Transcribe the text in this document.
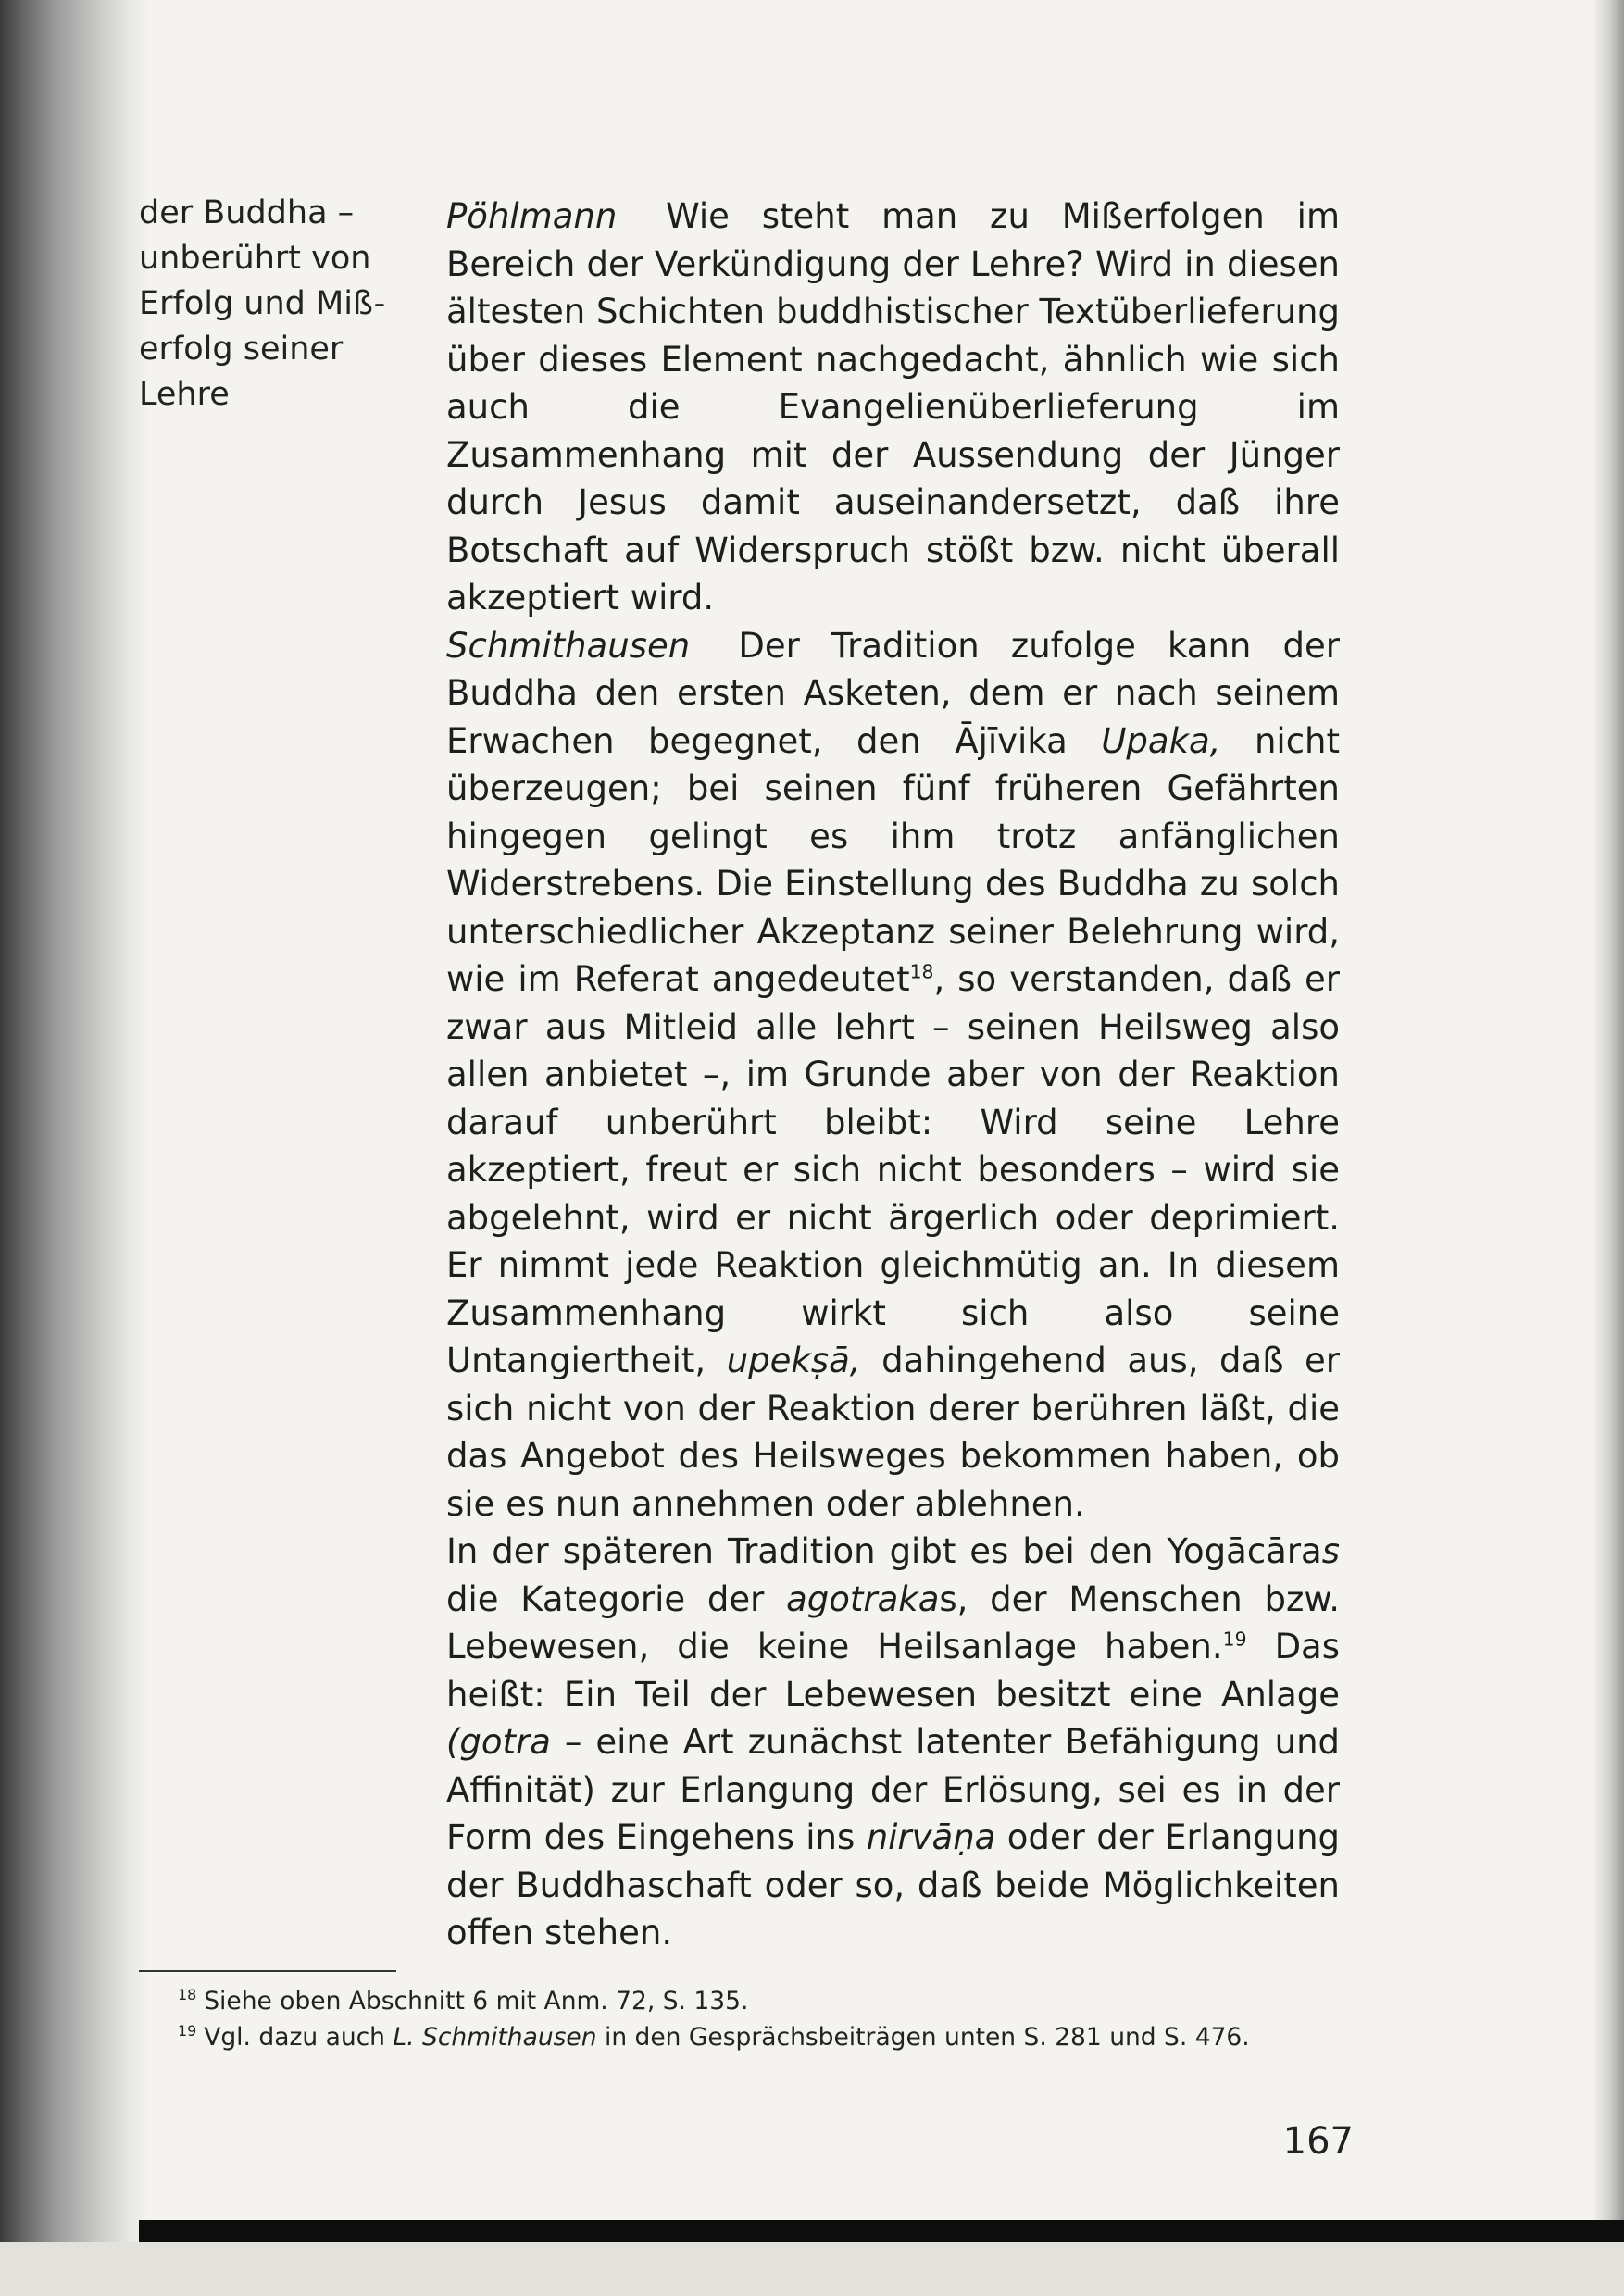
der Buddha –
unberührt von
Erfolg und Miß-
erfolg seiner
Lehre

Pöhlmann Wie steht man zu Mißerfolgen im Bereich der Verkündigung der Lehre? Wird in diesen ältesten Schichten buddhistischer Textüberlieferung über dieses Element nachgedacht, ähnlich wie sich auch die Evangelienüberlieferung im Zusammenhang mit der Aussendung der Jünger durch Jesus damit auseinandersetzt, daß ihre Botschaft auf Widerspruch stößt bzw. nicht überall akzeptiert wird.

Schmithausen Der Tradition zufolge kann der Buddha den ersten Asketen, dem er nach seinem Erwachen begegnet, den Ājīvika Upaka, nicht überzeugen; bei seinen fünf früheren Gefährten hingegen gelingt es ihm trotz anfänglichen Widerstrebens. Die Einstellung des Buddha zu solch unterschiedlicher Akzeptanz seiner Belehrung wird, wie im Referat angedeutet$^{18}$, so verstanden, daß er zwar aus Mitleid alle lehrt – seinen Heilsweg also allen anbietet –, im Grunde aber von der Reaktion darauf unberührt bleibt: Wird seine Lehre akzeptiert, freut er sich nicht besonders – wird sie abgelehnt, wird er nicht ärgerlich oder deprimiert. Er nimmt jede Reaktion gleichmütig an. In diesem Zusammenhang wirkt sich also seine Untangiertheit, upekṣā, dahingehend aus, daß er sich nicht von der Reaktion derer berühren läßt, die das Angebot des Heilsweges bekommen haben, ob sie es nun annehmen oder ablehnen.

In der späteren Tradition gibt es bei den Yogācāras die Kategorie der agotrakas, der Menschen bzw. Lebewesen, die keine Heilsanlage haben.$^{19}$ Das heißt: Ein Teil der Lebewesen besitzt eine Anlage (gotra – eine Art zunächst latenter Befähigung und Affinität) zur Erlangung der Erlösung, sei es in der Form des Eingehens ins nirvāṇa oder der Erlangung der Buddhaschaft oder so, daß beide Möglichkeiten offen stehen.

$^{18}$ Siehe oben Abschnitt 6 mit Anm. 72, S. 135.
$^{19}$ Vgl. dazu auch L. Schmithausen in den Gesprächsbeiträgen unten S. 281 und S. 476.
167
